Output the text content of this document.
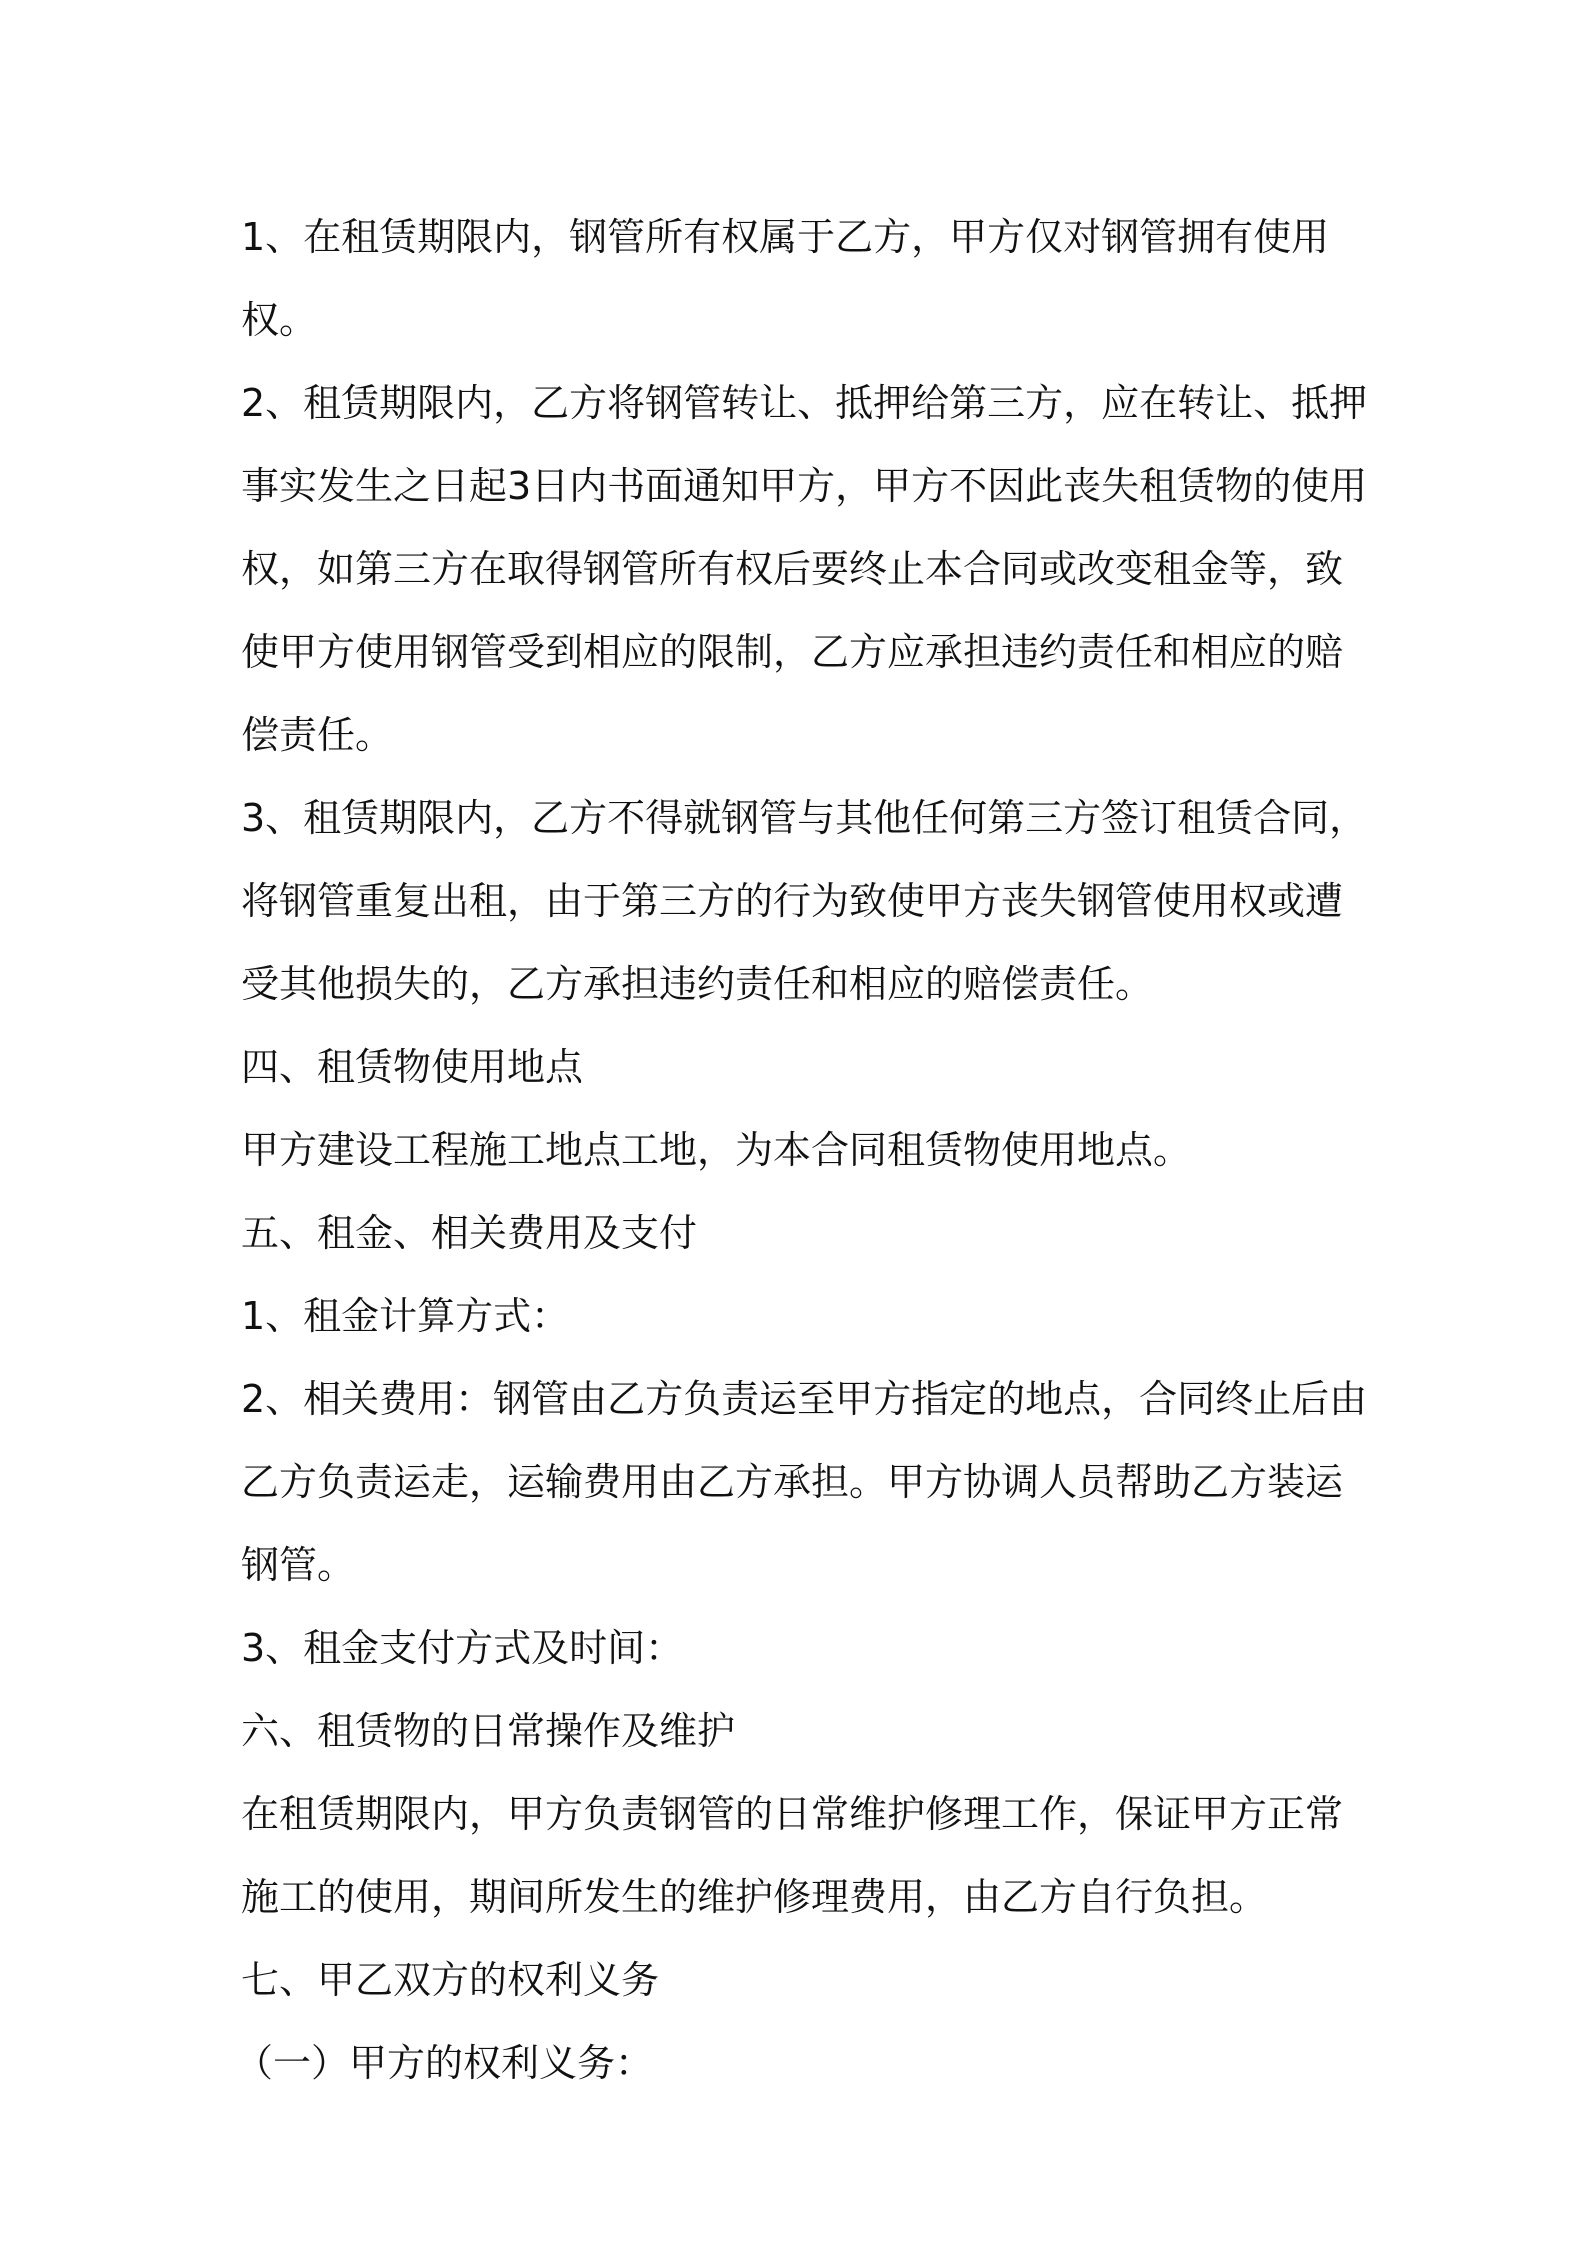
1、在租赁期限内，钢管所有权属于乙方，甲方仅对钢管拥有使用权。

2、租赁期限内，乙方将钢管转让、抵押给第三方，应在转让、抵押事实发生之日起3日内书面通知甲方，甲方不因此丧失租赁物的使用权，如第三方在取得钢管所有权后要终止本合同或改变租金等，致使甲方使用钢管受到相应的限制，乙方应承担违约责任和相应的赔偿责任。

3、租赁期限内，乙方不得就钢管与其他任何第三方签订租赁合同，将钢管重复出租，由于第三方的行为致使甲方丧失钢管使用权或遭受其他损失的，乙方承担违约责任和相应的赔偿责任。

四、租赁物使用地点

甲方建设工程施工地点工地，为本合同租赁物使用地点。

五、租金、相关费用及支付

1、租金计算方式：

2、相关费用：钢管由乙方负责运至甲方指定的地点，合同终止后由乙方负责运走，运输费用由乙方承担。甲方协调人员帮助乙方装运钢管。

3、租金支付方式及时间：

六、租赁物的日常操作及维护

在租赁期限内，甲方负责钢管的日常维护修理工作，保证甲方正常施工的使用，期间所发生的维护修理费用，由乙方自行负担。

七、甲乙双方的权利义务

（一）甲方的权利义务：
